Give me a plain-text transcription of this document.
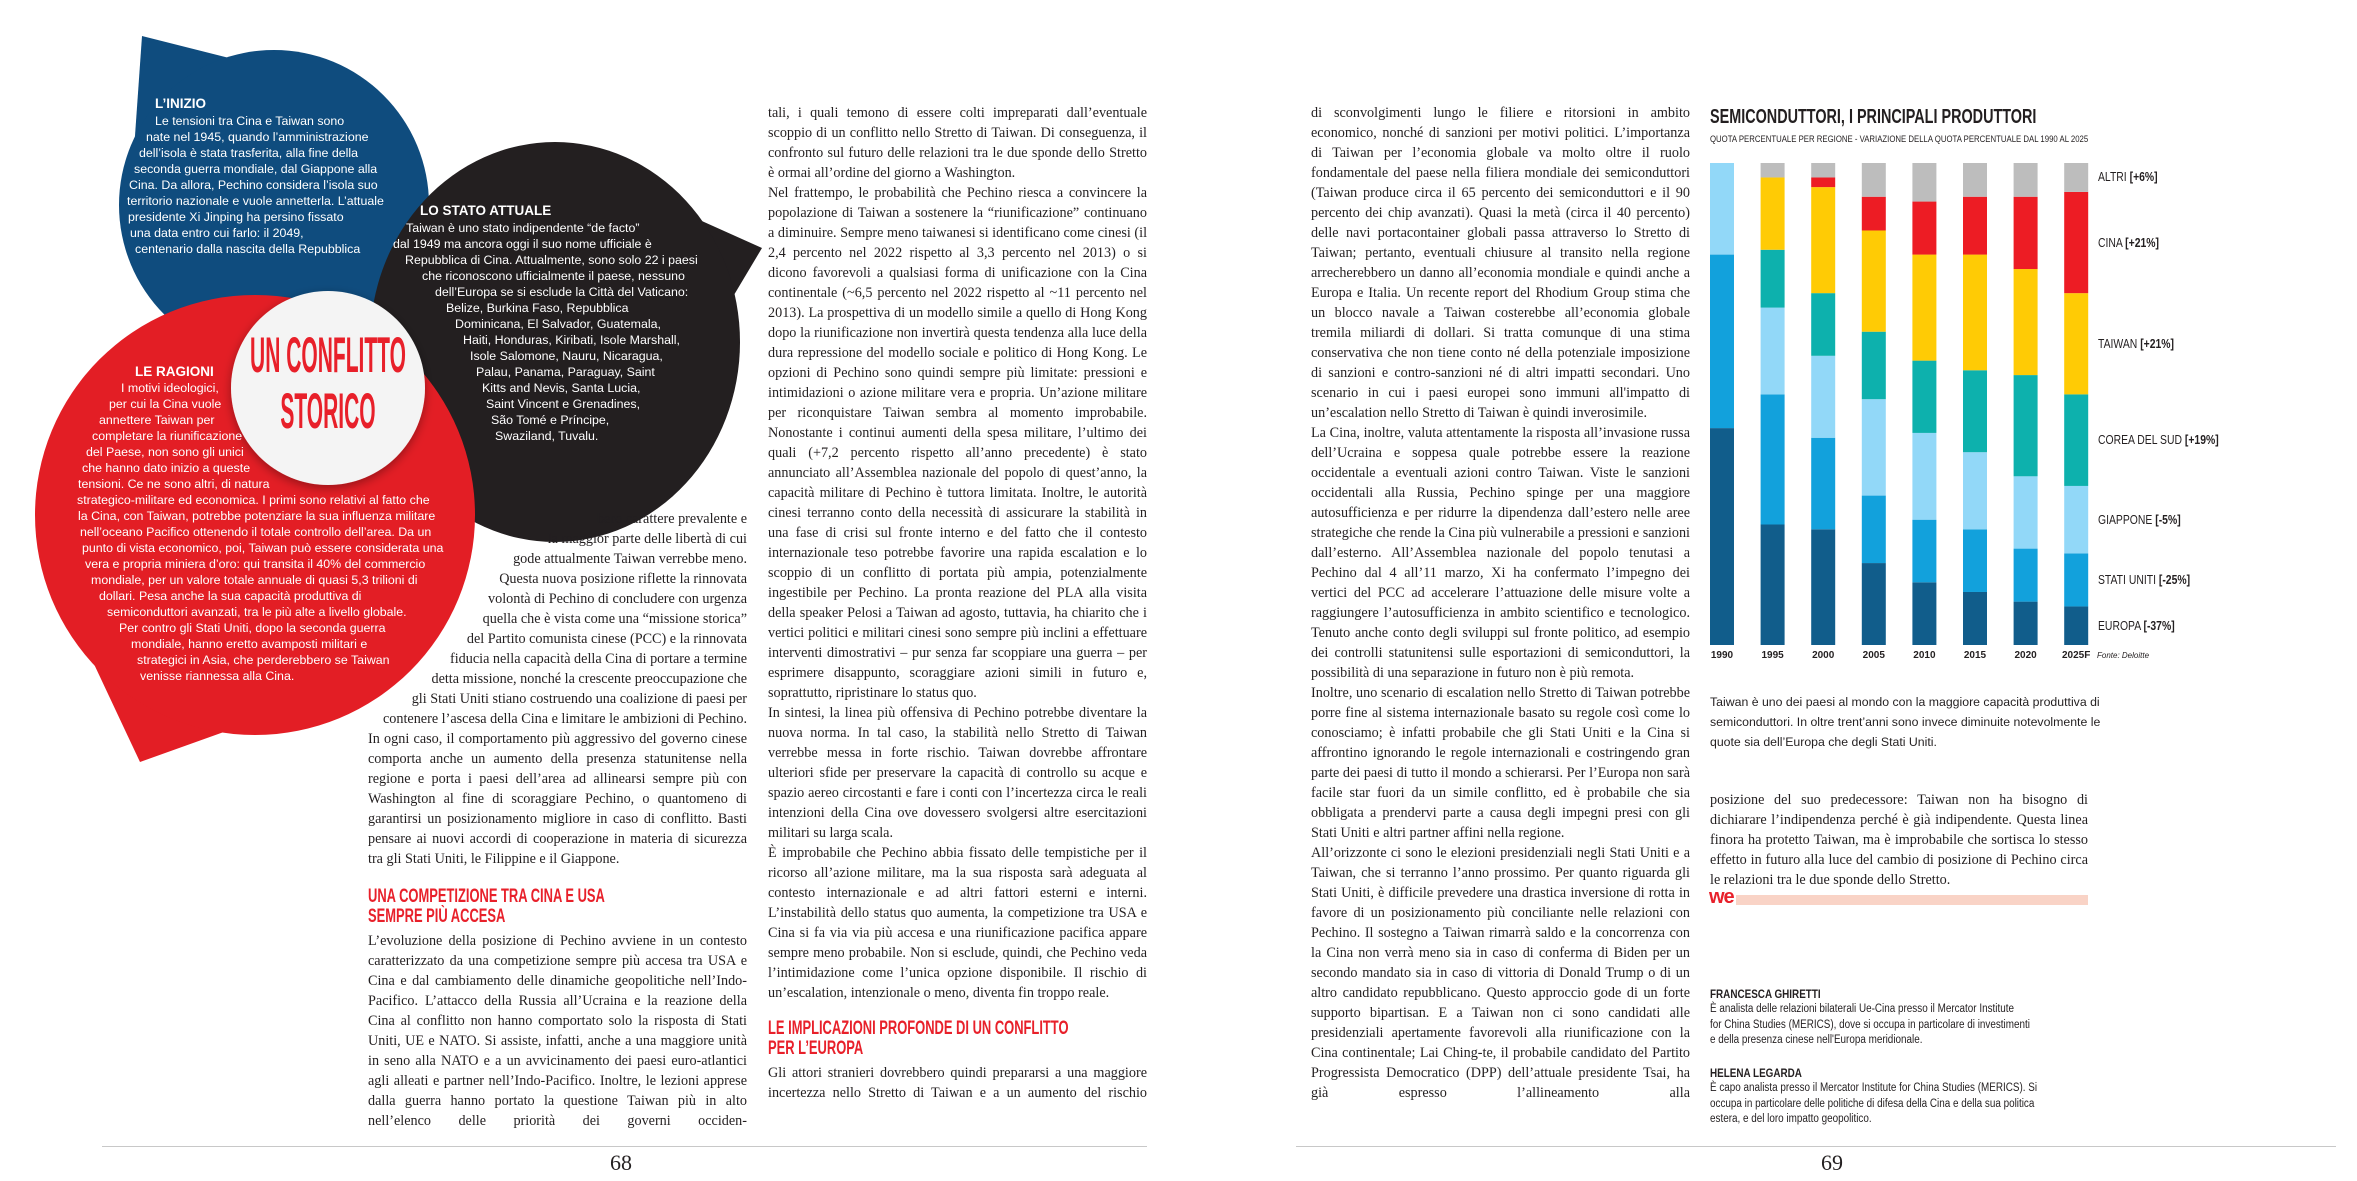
UN CONFLITTO
STORICO
L’INIZIO
Le tensioni tra Cina e Taiwan sono
nate nel 1945, quando l’amministrazione
dell’isola è stata trasferita, alla fine della
seconda guerra mondiale, dal Giappone alla
Cina. Da allora, Pechino considera l’isola suo
territorio nazionale e vuole annetterla. L’attuale
presidente Xi Jinping ha persino fissato
una data entro cui farlo: il 2049,
centenario dalla nascita della Repubblica
LO STATO ATTUALE
Taiwan è uno stato indipendente “de facto”
dal 1949 ma ancora oggi il suo nome ufficiale è
Repubblica di Cina. Attualmente, sono solo 22 i paesi
che riconoscono ufficialmente il paese, nessuno
dell’Europa se si esclude la Città del Vaticano:
Belize, Burkina Faso, Repubblica
Dominicana, El Salvador, Guatemala,
Haiti, Honduras, Kiribati, Isole Marshall,
Isole Salomone, Nauru, Nicaragua,
Palau, Panama, Paraguay, Saint
Kitts and Nevis, Santa Lucia,
Saint Vincent e Grenadines,
São Tomé e Príncipe,
Swaziland, Tuvalu.
LE RAGIONI
I motivi ideologici,
per cui la Cina vuole
annettere Taiwan per
completare la riunificazione
del Paese, non sono gli unici
che hanno dato inizio a queste
tensioni. Ce ne sono altri, di natura
strategico-militare ed economica. I primi sono relativi al fatto che
la Cina, con Taiwan, potrebbe potenziare la sua influenza militare
nell’oceano Pacifico ottenendo il totale controllo dell’area. Da un
punto di vista economico, poi, Taiwan può essere considerata una
vera e propria miniera d’oro: qui transita il 40% del commercio
mondiale, per un valore totale annuale di quasi 5,3 trilioni di
dollari. Pesa anche la sua capacità produttiva di
semiconduttori avanzati, tra le più alte a livello globale.
Per contro gli Stati Uniti, dopo la seconda guerra
mondiale, hanno eretto avamposti militari e
strategici in Asia, che perderebbero se Taiwan
venisse riannessa alla Cina.
bero carattere prevalente e
la maggior parte delle libertà di cui
gode attualmente Taiwan verrebbe meno.
Questa nuova posizione riflette la rinnovata
volontà di Pechino di concludere con urgenza
quella che è vista come una “missione storica”
del Partito comunista cinese (PCC) e la rinnovata
fiducia nella capacità della Cina di portare a termine
detta missione, nonché la crescente preoccupazione che
gli Stati Uniti stiano costruendo una coalizione di paesi per
contenere l’ascesa della Cina e limitare le ambizioni di Pechino.

In ogni caso, il comportamento più aggressivo del governo cinese comporta anche un aumento della presenza statunitense nella regione e porta i paesi dell’area ad allinearsi sempre più con Washington al fine di scoraggiare Pechino, o quantomeno di garantirsi un posizionamento migliore in caso di conflitto. Basti pensare ai nuovi accordi di cooperazione in materia di sicurezza tra gli Stati Uniti, le Filippine e il Giappone.

UNA COMPETIZIONE TRA CINA E USA
SEMPRE PIÙ ACCESA

L’evoluzione della posizione di Pechino avviene in un contesto caratterizzato da una competizione sempre più accesa tra USA e Cina e dal cambiamento delle dinamiche geopolitiche nell’Indo-Pacifico. L’attacco della Russia all’Ucraina e la reazione della Cina al conflitto non hanno comportato solo la risposta di Stati Uniti, UE e NATO. Si assiste, infatti, anche a una maggiore unità in seno alla NATO e a un avvicinamento dei paesi euro-atlantici agli alleati e partner nell’Indo-Pacifico. Inoltre, le lezioni apprese dalla guerra hanno portato la questione Taiwan più in alto nell’elenco delle priorità dei governi occiden-

tali, i quali temono di essere colti impreparati dall’eventuale scoppio di un conflitto nello Stretto di Taiwan. Di conseguenza, il confronto sul futuro delle relazioni tra le due sponde dello Stretto è ormai all’ordine del giorno a Washington.

Nel frattempo, le probabilità che Pechino riesca a convincere la popolazione di Taiwan a sostenere la “riunificazione” continuano a diminuire. Sempre meno taiwanesi si identificano come cinesi (il 2,4 percento nel 2022 rispetto al 3,3 percento nel 2013) o si dicono favorevoli a qualsiasi forma di unificazione con la Cina continentale (~6,5 percento nel 2022 rispetto al ~11 percento nel 2013). La prospettiva di un modello simile a quello di Hong Kong dopo la riunificazione non invertirà questa tendenza alla luce della dura repressione del modello sociale e politico di Hong Kong. Le opzioni di Pechino sono quindi sempre più limitate: pressioni e intimidazioni o azione militare vera e propria. Un’azione militare per riconquistare Taiwan sembra al momento improbabile. Nonostante i continui aumenti della spesa militare, l’ultimo dei quali (+7,2 percento rispetto all’anno precedente) è stato annunciato all’Assemblea nazionale del popolo di quest’anno, la capacità militare di Pechino è tuttora limitata. Inoltre, le autorità cinesi terranno conto della necessità di assicurare la stabilità in una fase di crisi sul fronte interno e del fatto che il contesto internazionale teso potrebbe favorire una rapida escalation e lo scoppio di un conflitto di portata più ampia, potenzialmente ingestibile per Pechino. La pronta reazione del PLA alla visita della speaker Pelosi a Taiwan ad agosto, tuttavia, ha chiarito che i vertici politici e militari cinesi sono sempre più inclini a effettuare interventi dimostrativi – pur senza far scoppiare una guerra – per esprimere disappunto, scoraggiare azioni simili in futuro e, soprattutto, ripristinare lo status quo.

In sintesi, la linea più offensiva di Pechino potrebbe diventare la nuova norma. In tal caso, la stabilità nello Stretto di Taiwan verrebbe messa in forte rischio. Taiwan dovrebbe affrontare ulteriori sfide per preservare la capacità di controllo su acque e spazio aereo circostanti e fare i conti con l’incertezza circa le reali intenzioni della Cina ove dovessero svolgersi altre esercitazioni militari su larga scala.

È improbabile che Pechino abbia fissato delle tempistiche per il ricorso all’azione militare, ma la sua risposta sarà adeguata al contesto internazionale e ad altri fattori esterni e interni. L’instabilità dello status quo aumenta, la competizione tra USA e Cina si fa via via più accesa e una riunificazione pacifica appare sempre meno probabile. Non si esclude, quindi, che Pechino veda l’intimidazione come l’unica opzione disponibile. Il rischio di un’escalation, intenzionale o meno, diventa fin troppo reale.

LE IMPLICAZIONI PROFONDE DI UN CONFLITTO
PER L’EUROPA

Gli attori stranieri dovrebbero quindi prepararsi a una maggiore incertezza nello Stretto di Taiwan e a un aumento del rischio

68

di sconvolgimenti lungo le filiere e ritorsioni in ambito economico, nonché di sanzioni per motivi politici. L’importanza di Taiwan per l’economia globale va molto oltre il ruolo fondamentale del paese nella filiera mondiale dei semiconduttori (Taiwan produce circa il 65 percento dei semiconduttori e il 90 percento dei chip avanzati). Quasi la metà (circa il 40 percento) delle navi portacontainer globali passa attraverso lo Stretto di Taiwan; pertanto, eventuali chiusure al transito nella regione arrecherebbero un danno all’economia mondiale e quindi anche a Europa e Italia. Un recente report del Rhodium Group stima che un blocco navale a Taiwan costerebbe all’economia globale tremila miliardi di dollari. Si tratta comunque di una stima conservativa che non tiene conto né della potenziale imposizione di sanzioni e contro-sanzioni né di altri impatti secondari. Uno scenario in cui i paesi europei sono immuni all'impatto di un’escalation nello Stretto di Taiwan è quindi inverosimile.

La Cina, inoltre, valuta attentamente la risposta all’invasione russa dell’Ucraina e soppesa quale potrebbe essere la reazione occidentale a eventuali azioni contro Taiwan. Viste le sanzioni occidentali alla Russia, Pechino spinge per una maggiore autosufficienza e per ridurre la dipendenza dall’estero nelle aree strategiche che rende la Cina più vulnerabile a pressioni e sanzioni dall’esterno. All’Assemblea nazionale del popolo tenutasi a Pechino dal 4 all’11 marzo, Xi ha confermato l’impegno dei vertici del PCC ad accelerare l’attuazione delle misure volte a raggiungere l’autosufficienza in ambito scientifico e tecnologico. Tenuto anche conto degli sviluppi sul fronte politico, ad esempio dei controlli statunitensi sulle esportazioni di semiconduttori, la possibilità di una separazione in futuro non è più remota.

Inoltre, uno scenario di escalation nello Stretto di Taiwan potrebbe porre fine al sistema internazionale basato su regole così come lo conosciamo; è infatti probabile che gli Stati Uniti e la Cina si affrontino ignorando le regole internazionali e costringendo gran parte dei paesi di tutto il mondo a schierarsi. Per l’Europa non sarà facile star fuori da un simile conflitto, ed è probabile che sia obbligata a prendervi parte a causa degli impegni presi con gli Stati Uniti e altri partner affini nella regione.

All’orizzonte ci sono le elezioni presidenziali negli Stati Uniti e a Taiwan, che si terranno l’anno prossimo. Per quanto riguarda gli Stati Uniti, è difficile prevedere una drastica inversione di rotta in favore di un posizionamento più conciliante nelle relazioni con Pechino. Il sostegno a Taiwan rimarrà saldo e la concorrenza con la Cina non verrà meno sia in caso di conferma di Biden per un secondo mandato sia in caso di vittoria di Donald Trump o di un altro candidato repubblicano. Questo approccio gode di un forte supporto bipartisan. E a Taiwan non ci sono candidati alle presidenziali apertamente favorevoli alla riunificazione con la Cina continentale; Lai Ching-te, il probabile candidato del Partito Progressista Democratico (DPP) dell’attuale presidente Tsai, ha già espresso l’allineamento alla

SEMICONDUTTORI, I PRINCIPALI PRODUTTORI
QUOTA PERCENTUALE PER REGIONE - VARIAZIONE DELLA QUOTA PERCENTUALE DAL 1990 AL 2025
1990	1995	2000	2005	2010	2015	2020	2025F
EUROPA [-37%]
STATI UNITI [-25%]
GIAPPONE [-5%]
COREA DEL SUD [+19%]
TAIWAN [+21%]
CINA [+21%]
ALTRI [+6%]
Fonte: Deloitte
Taiwan è uno dei paesi al mondo con la maggiore capacità produttiva di semiconduttori. In oltre trent’anni sono invece diminuite notevolmente le quote sia dell’Europa che degli Stati Uniti.

posizione del suo predecessore: Taiwan non ha bisogno di dichiarare l’indipendenza perché è già indipendente. Questa linea finora ha protetto Taiwan, ma è improbabile che sortisca lo stesso effetto in futuro alla luce del cambio di posizione di Pechino circa le relazioni tra le due sponde dello Stretto.

we
FRANCESCA GHIRETTI
È analista delle relazioni bilaterali Ue-Cina presso il Mercator Institute
for China Studies (MERICS), dove si occupa in particolare di investimenti
e della presenza cinese nell'Europa meridionale.
HELENA LEGARDA
È capo analista presso il Mercator Institute for China Studies (MERICS). Si
occupa in particolare delle politiche di difesa della Cina e della sua politica
estera, e del loro impatto geopolitico.
69
